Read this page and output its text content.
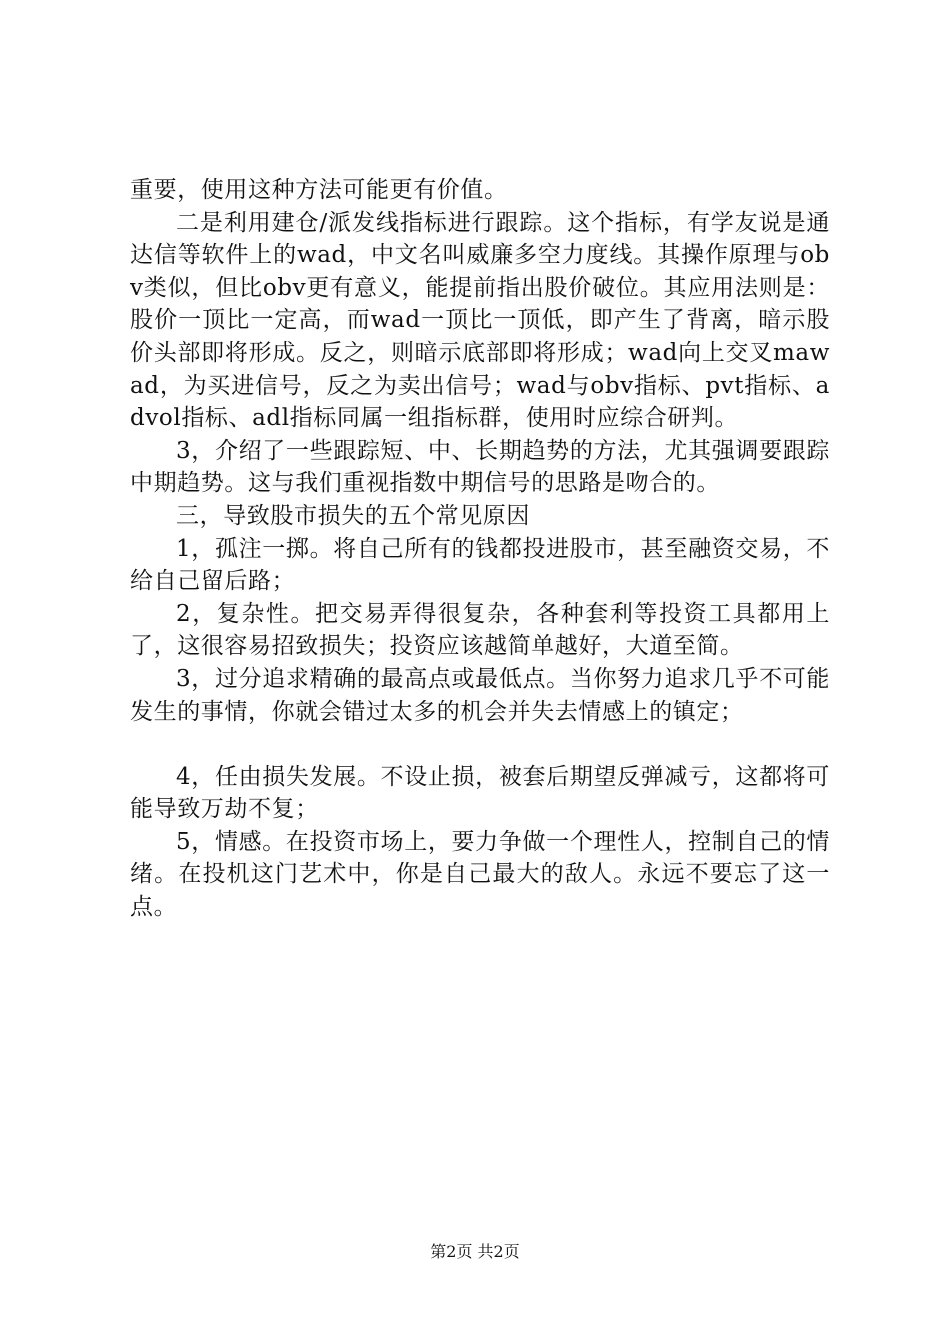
重要，使用这种方法可能更有价值。

二是利用建仓/派发线指标进行跟踪。这个指标，有学友说是通达信等软件上的wad，中文名叫威廉多空力度线。其操作原理与obv类似，但比obv更有意义，能提前指出股价破位。其应用法则是：股价一顶比一定高，而wad一顶比一顶低，即产生了背离，暗示股价头部即将形成。反之，则暗示底部即将形成；wad向上交叉mawad，为买进信号，反之为卖出信号；wad与obv指标、pvt指标、advol指标、adl指标同属一组指标群，使用时应综合研判。

3，介绍了一些跟踪短、中、长期趋势的方法，尤其强调要跟踪中期趋势。这与我们重视指数中期信号的思路是吻合的。

三，导致股市损失的五个常见原因

1，孤注一掷。将自己所有的钱都投进股市，甚至融资交易，不给自己留后路；

2，复杂性。把交易弄得很复杂，各种套利等投资工具都用上了，这很容易招致损失；投资应该越简单越好，大道至简。

3，过分追求精确的最高点或最低点。当你努力追求几乎不可能发生的事情，你就会错过太多的机会并失去情感上的镇定；

4，任由损失发展。不设止损，被套后期望反弹减亏，这都将可能导致万劫不复；

5，情感。在投资市场上，要力争做一个理性人，控制自己的情绪。在投机这门艺术中，你是自己最大的敌人。永远不要忘了这一点。

第2页 共2页
